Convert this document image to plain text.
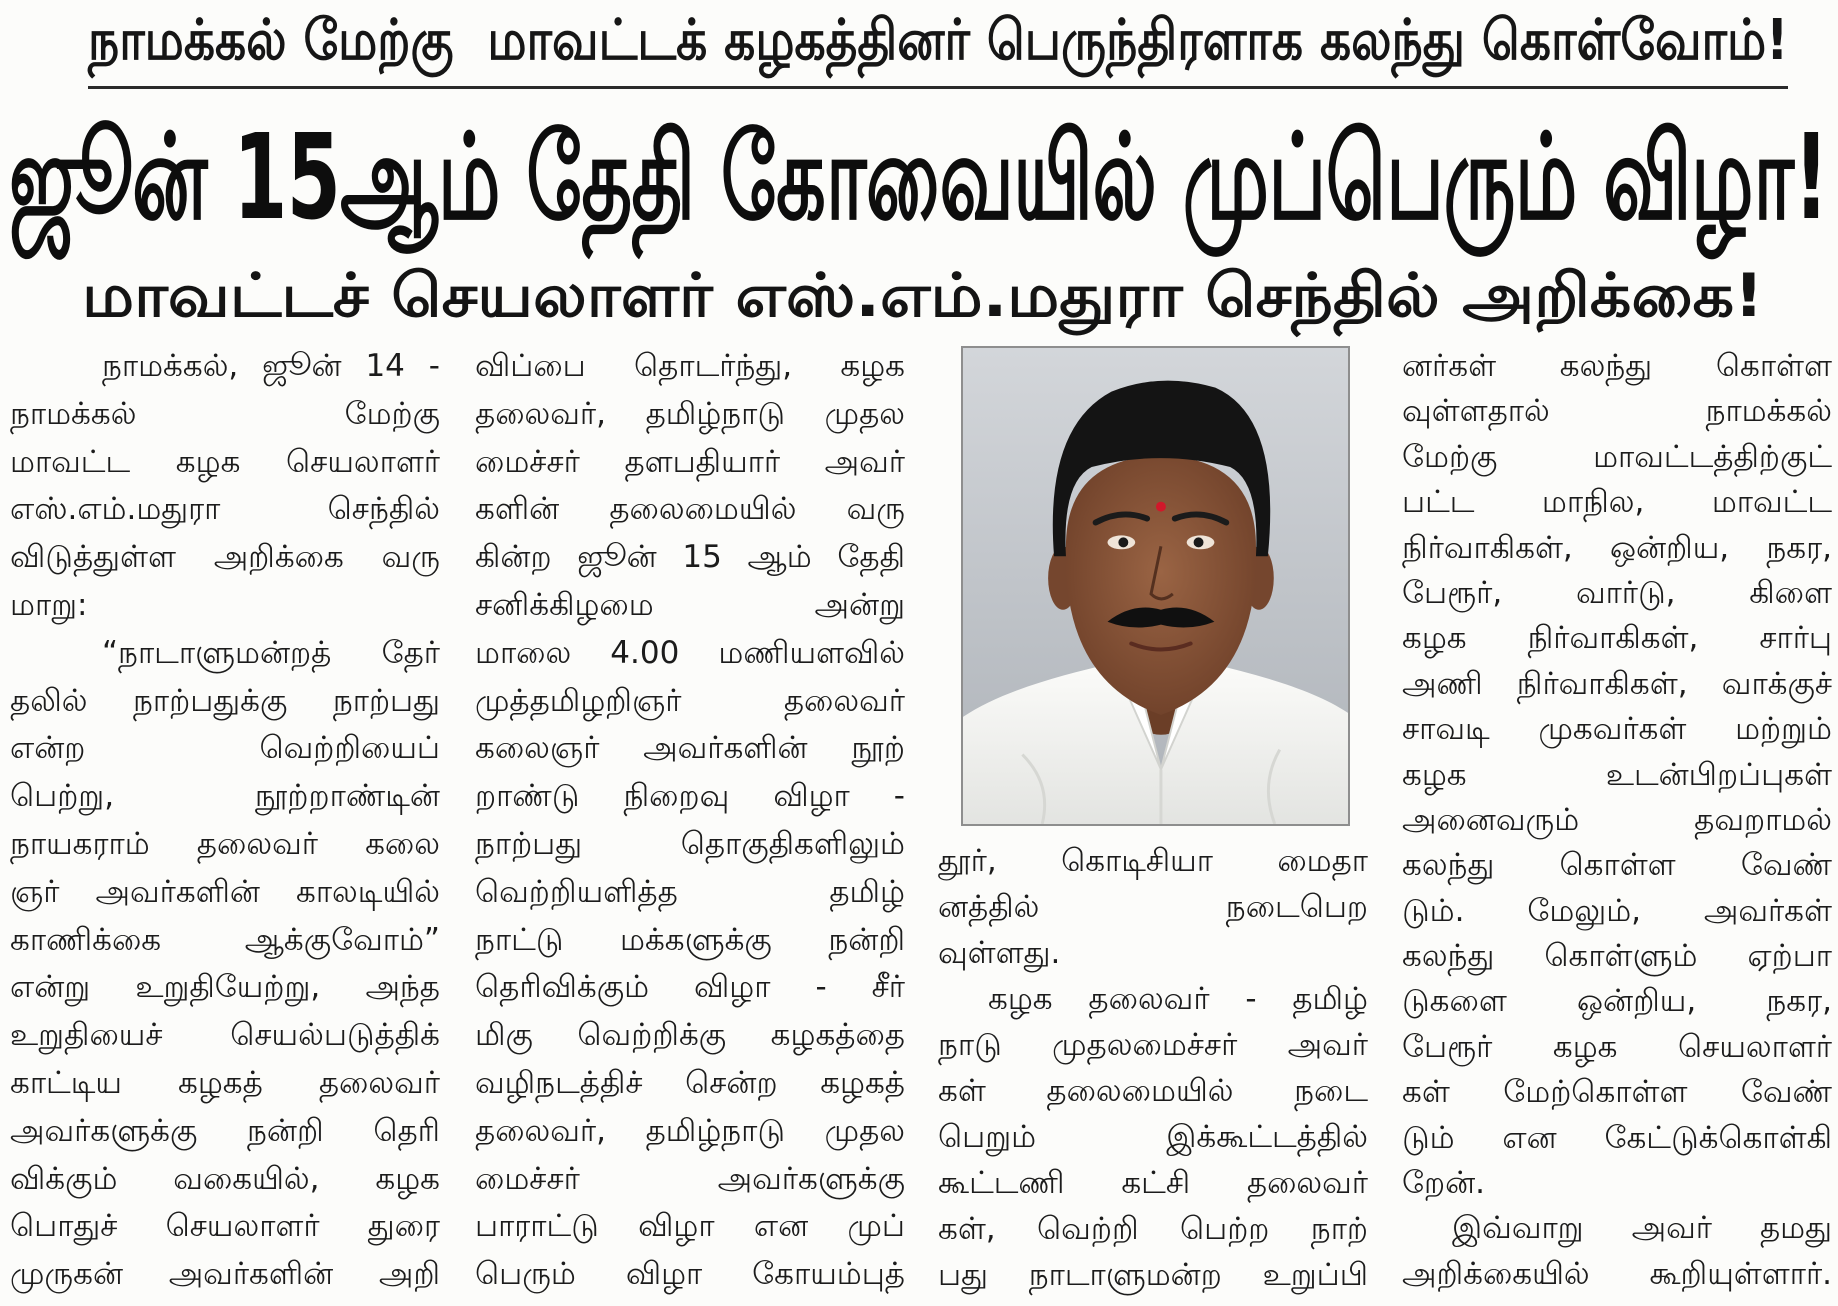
நாமக்கல் மேற்கு  மாவட்டக் கழகத்தினர் பெருந்திரளாக கலந்து கொள்வோம்!
ஜூன் 15ஆம் தேதி கோவையில் முப்பெரும் விழா!
மாவட்டச் செயலாளர் எஸ்.எம்.மதுரா செந்தில் அறிக்கை!
நாமக்கல், ஜூன் 14 -
நாமக்கல் மேற்கு
மாவட்ட கழக செயலாளர்
எஸ்.எம்.மதுரா செந்தில்
விடுத்துள்ள அறிக்கை வரு
மாறு:
“நாடாளுமன்றத் தேர்
தலில் நாற்பதுக்கு நாற்பது
என்ற வெற்றியைப்
பெற்று, நூற்றாண்டின்
நாயகராம் தலைவர் கலை
ஞர் அவர்களின் காலடியில்
காணிக்கை ஆக்குவோம்”
என்று உறுதியேற்று, அந்த
உறுதியைச் செயல்படுத்திக்
காட்டிய கழகத் தலைவர்
அவர்களுக்கு நன்றி தெரி
விக்கும் வகையில், கழக
பொதுச் செயலாளர் துரை
முருகன் அவர்களின் அறி
விப்பை தொடர்ந்து, கழக
தலைவர், தமிழ்நாடு முதல
மைச்சர் தளபதியார் அவர்
களின் தலைமையில் வரு
கின்ற ஜூன் 15 ஆம் தேதி
சனிக்கிழமை அன்று
மாலை 4.00 மணியளவில்
முத்தமிழறிஞர் தலைவர்
கலைஞர் அவர்களின் நூற்
றாண்டு நிறைவு விழா -
நாற்பது தொகுதிகளிலும்
வெற்றியளித்த தமிழ்
நாட்டு மக்களுக்கு நன்றி
தெரிவிக்கும் விழா - சீர்
மிகு வெற்றிக்கு கழகத்தை
வழிநடத்திச் சென்ற கழகத்
தலைவர், தமிழ்நாடு முதல
மைச்சர் அவர்களுக்கு
பாராட்டு விழா என முப்
பெரும் விழா கோயம்புத்
தூர், கொடிசியா மைதா
னத்தில் நடைபெற
வுள்ளது.
கழக தலைவர் - தமிழ்
நாடு முதலமைச்சர் அவர்
கள் தலைமையில் நடை
பெறும் இக்கூட்டத்தில்
கூட்டணி கட்சி தலைவர்
கள், வெற்றி பெற்ற நாற்
பது நாடாளுமன்ற உறுப்பி
னர்கள் கலந்து கொள்ள
வுள்ளதால் நாமக்கல்
மேற்கு மாவட்டத்திற்குட்
பட்ட மாநில, மாவட்ட
நிர்வாகிகள், ஒன்றிய, நகர,
பேரூர், வார்டு, கிளை
கழக நிர்வாகிகள், சார்பு
அணி நிர்வாகிகள், வாக்குச்
சாவடி முகவர்கள் மற்றும்
கழக உடன்பிறப்புகள்
அனைவரும் தவறாமல்
கலந்து கொள்ள வேண்
டும். மேலும், அவர்கள்
கலந்து கொள்ளும் ஏற்பா
டுகளை ஒன்றிய, நகர,
பேரூர் கழக செயலாளர்
கள் மேற்கொள்ள வேண்
டும் என கேட்டுக்கொள்கி
றேன்.
இவ்வாறு அவர் தமது
அறிக்கையில் கூறியுள்ளார்.
